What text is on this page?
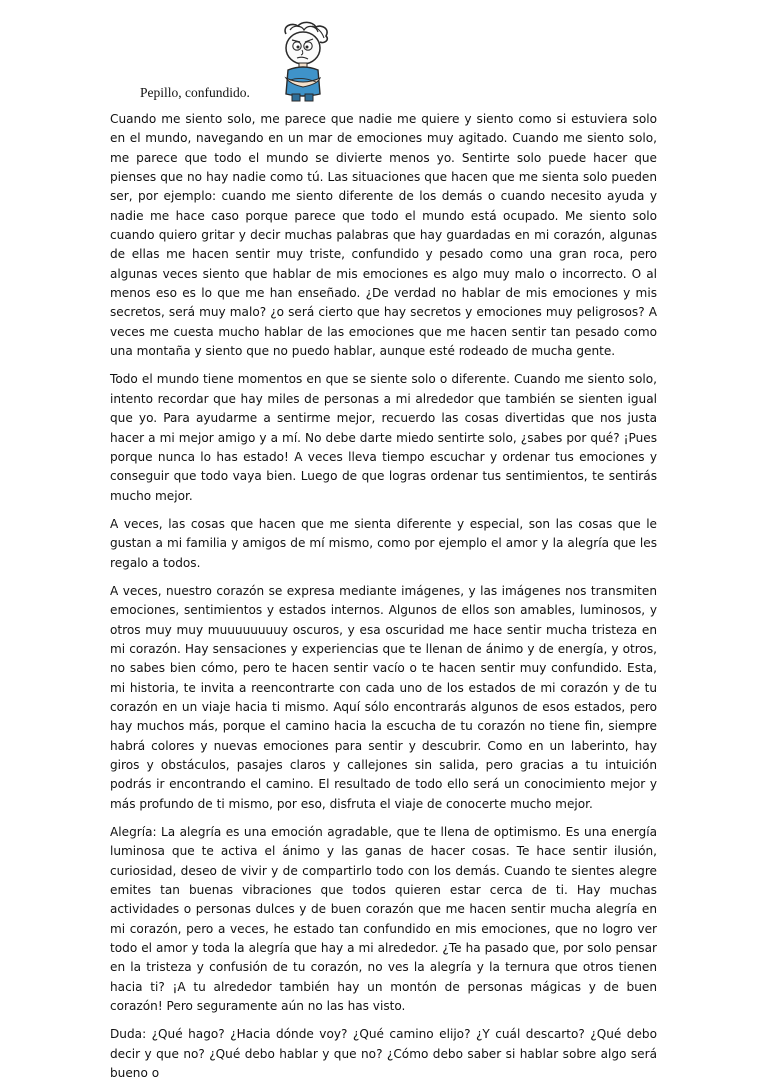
Pepillo, confundido.

Cuando me siento solo, me parece que nadie me quiere y siento como si estuviera solo en el mundo, navegando en un mar de emociones muy agitado. Cuando me siento solo, me parece que todo el mundo se divierte menos yo. Sentirte solo puede hacer que pienses que no hay nadie como tú. Las situaciones que hacen que me sienta solo pueden ser, por ejemplo: cuando me siento diferente de los demás o cuando necesito ayuda y nadie me hace caso porque parece que todo el mundo está ocupado. Me siento solo cuando quiero gritar y decir muchas palabras que hay guardadas en mi corazón, algunas de ellas me hacen sentir muy triste, confundido y pesado como una gran roca, pero algunas veces siento que hablar de mis emociones es algo muy malo o incorrecto. O al menos eso es lo que me han enseñado. ¿De verdad no hablar de mis emociones y mis secretos, será muy malo? ¿o será cierto que hay secretos y emociones muy peligrosos? A veces me cuesta mucho hablar de las emociones que me hacen sentir tan pesado como una montaña y siento que no puedo hablar, aunque esté rodeado de mucha gente.

Todo el mundo tiene momentos en que se siente solo o diferente. Cuando me siento solo, intento recordar que hay miles de personas a mi alrededor que también se sienten igual que yo. Para ayudarme a sentirme mejor, recuerdo las cosas divertidas que nos justa hacer a mi mejor amigo y a mí. No debe darte miedo sentirte solo, ¿sabes por qué? ¡Pues porque nunca lo has estado! A veces lleva tiempo escuchar y ordenar tus emociones y conseguir que todo vaya bien. Luego de que logras ordenar tus sentimientos, te sentirás mucho mejor.

A veces, las cosas que hacen que me sienta diferente y especial, son las cosas que le gustan a mi familia y amigos de mí mismo, como por ejemplo el amor y la alegría que les regalo a todos.

A veces, nuestro corazón se expresa mediante imágenes, y las imágenes nos transmiten emociones, sentimientos y estados internos. Algunos de ellos son amables, luminosos, y otros muy muy muuuuuuuuy oscuros, y esa oscuridad me hace sentir mucha tristeza en mi corazón. Hay sensaciones y experiencias que te llenan de ánimo y de energía, y otros, no sabes bien cómo, pero te hacen sentir vacío o te hacen sentir muy confundido. Esta, mi historia, te invita a reencontrarte con cada uno de los estados de mi corazón y de tu corazón en un viaje hacia ti mismo. Aquí sólo encontrarás algunos de esos estados, pero hay muchos más, porque el camino hacia la escucha de tu corazón no tiene fin, siempre habrá colores y nuevas emociones para sentir y descubrir. Como en un laberinto, hay giros y obstáculos, pasajes claros y callejones sin salida, pero gracias a tu intuición podrás ir encontrando el camino. El resultado de todo ello será un conocimiento mejor y más profundo de ti mismo, por eso, disfruta el viaje de conocerte mucho mejor.

Alegría: La alegría es una emoción agradable, que te llena de optimismo. Es una energía luminosa que te activa el ánimo y las ganas de hacer cosas. Te hace sentir ilusión, curiosidad, deseo de vivir y de compartirlo todo con los demás. Cuando te sientes alegre emites tan buenas vibraciones que todos quieren estar cerca de ti. Hay muchas actividades o personas dulces y de buen corazón que me hacen sentir mucha alegría en mi corazón, pero a veces, he estado tan confundido en mis emociones, que no logro ver todo el amor y toda la alegría que hay a mi alrededor. ¿Te ha pasado que, por solo pensar en la tristeza y confusión de tu corazón, no ves la alegría y la ternura que otros tienen hacia ti? ¡A tu alrededor también hay un montón de personas mágicas y de buen corazón! Pero seguramente aún no las has visto.

Duda: ¿Qué hago? ¿Hacia dónde voy? ¿Qué camino elijo? ¿Y cuál descarto? ¿Qué debo decir y que no? ¿Qué debo hablar y que no? ¿Cómo debo saber si hablar sobre algo será bueno o
